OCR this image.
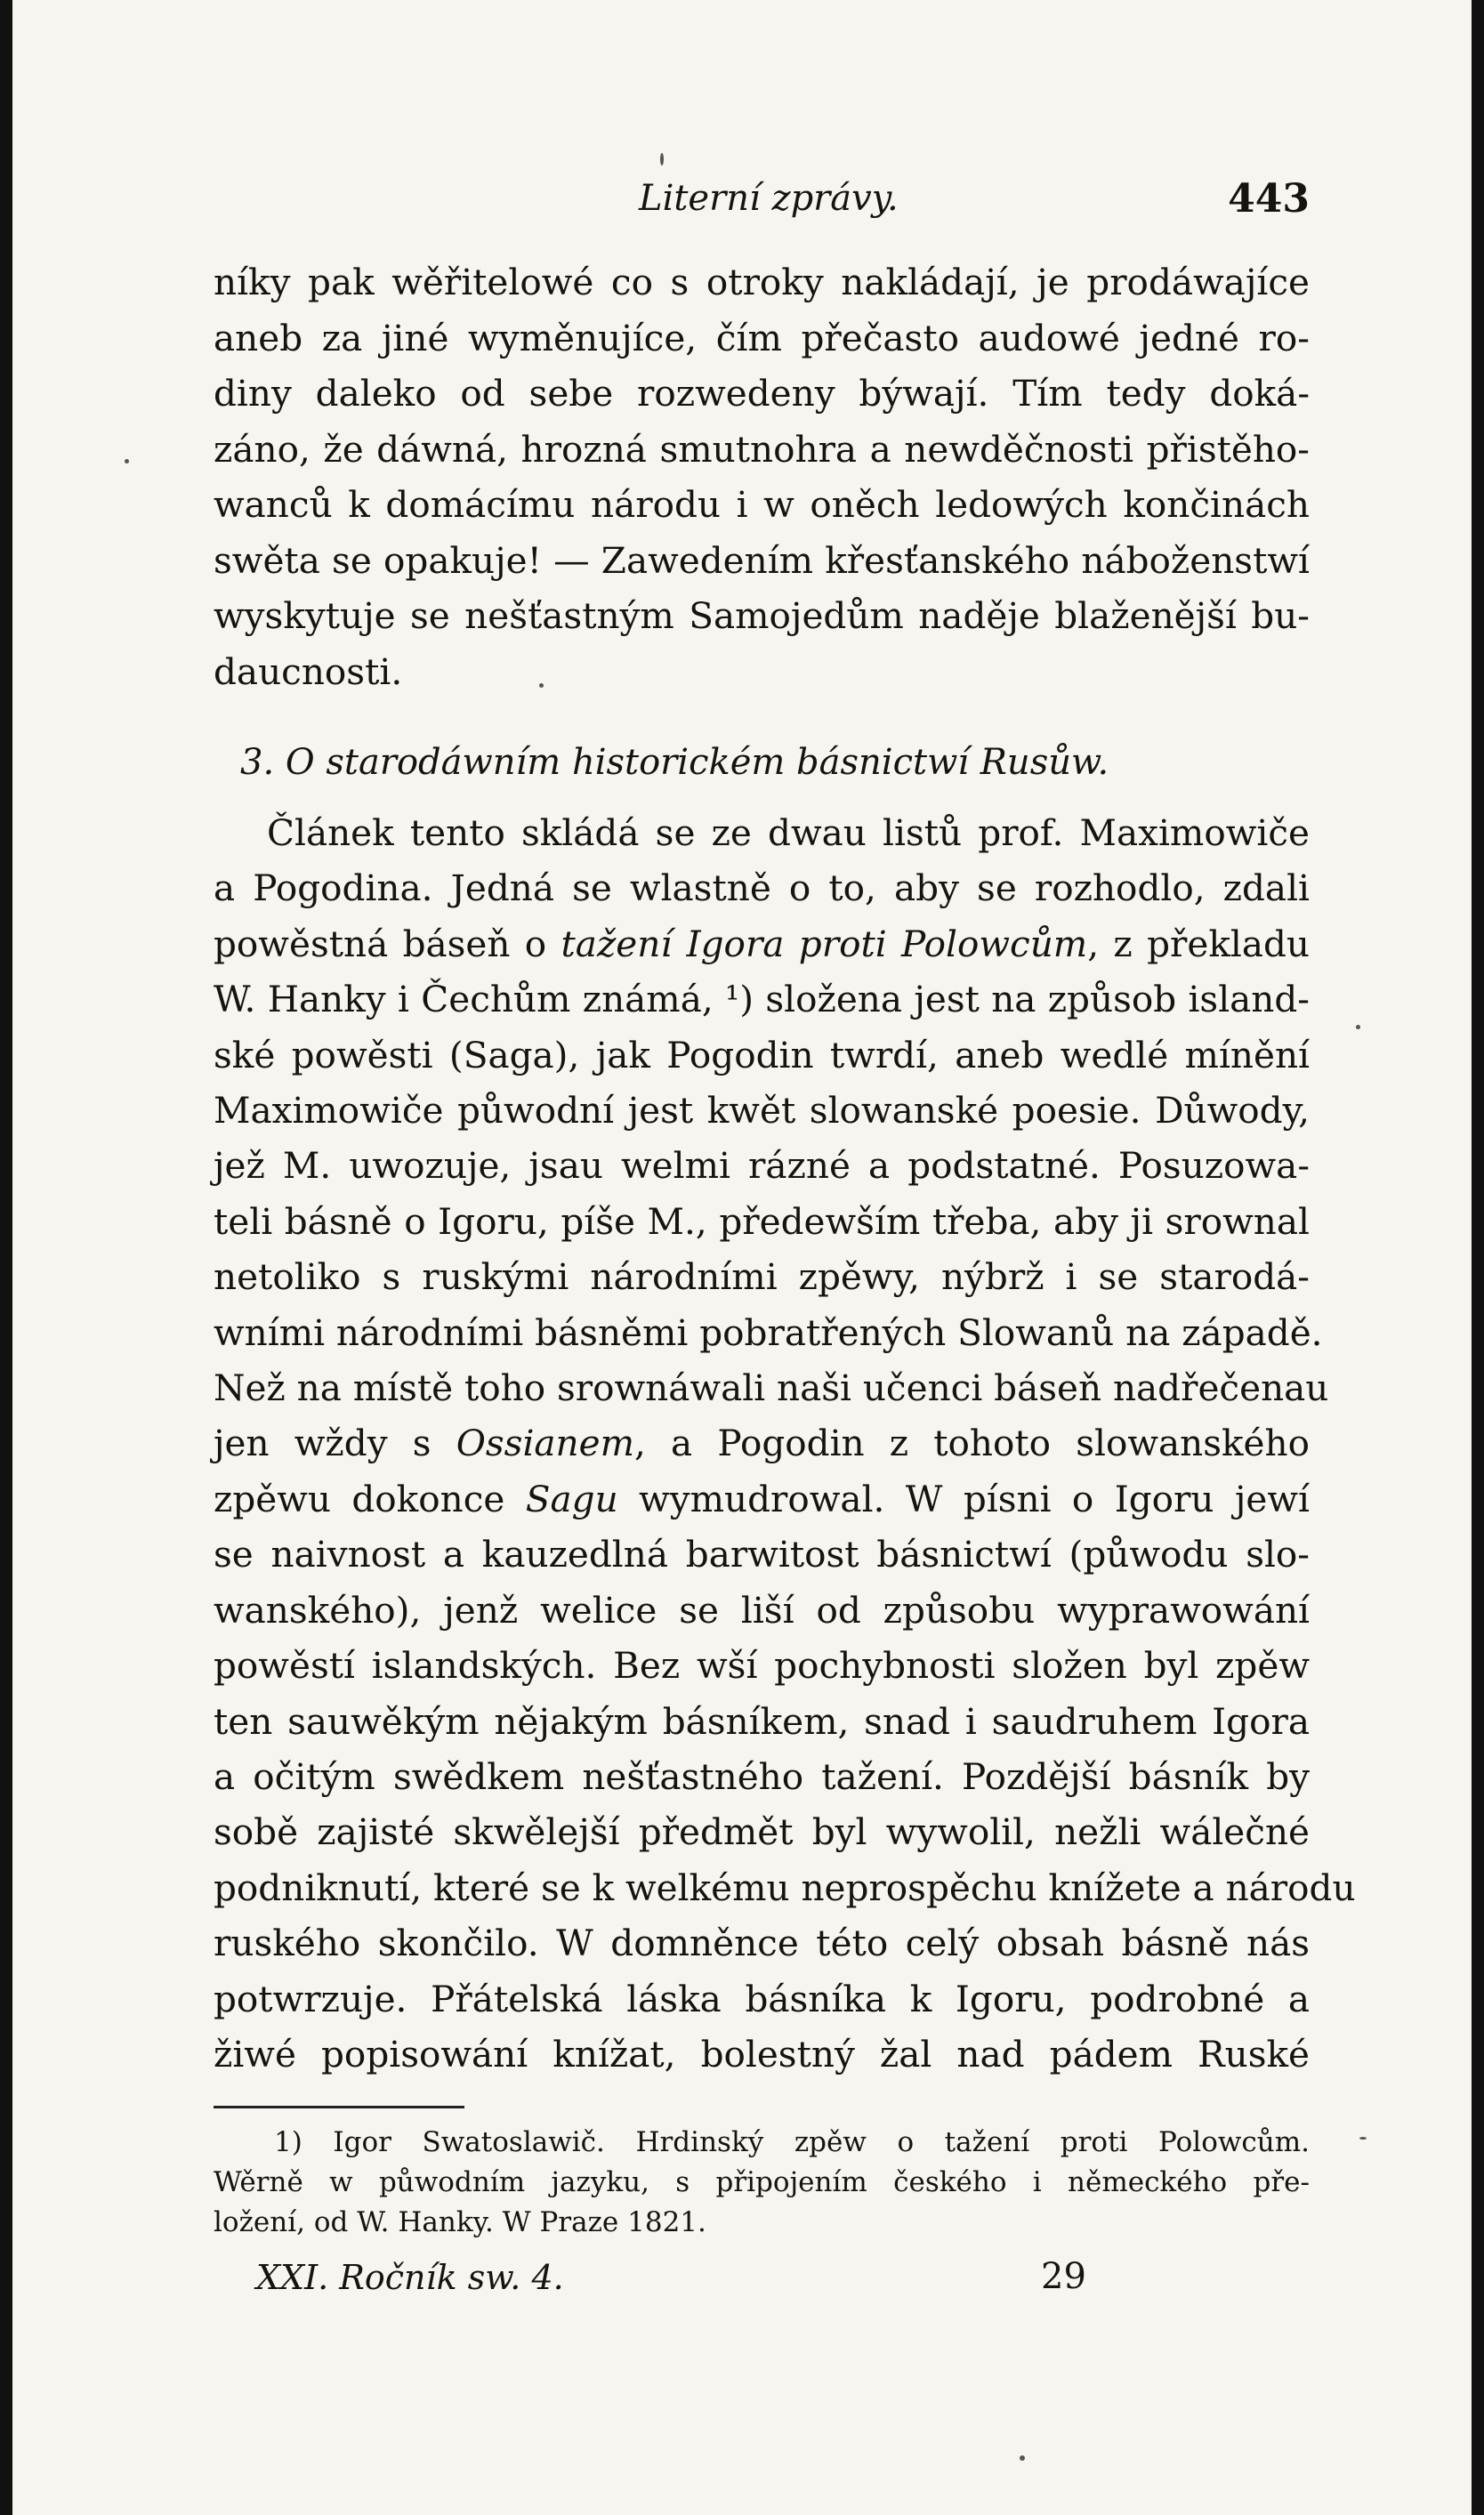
Literní zprávy.	443

níky pak wěřitelowé co s otroky nakládají, je prodáwajíce
aneb za jiné wyměnujíce, čím přečasto audowé jedné ro-
diny daleko od sebe rozwedeny býwají. Tím tedy doká-
záno, že dáwná, hrozná smutnohra a newděčnosti přistěho-
wanců k domácímu národu i w oněch ledowých končinách
swěta se opakuje! — Zawedením křesťanského náboženstwí
wyskytuje se nešťastným Samojedům naděje blaženější bu-
daucnosti.

3. O starodáwním historickém básnictwí Rusůw.

Článek tento skládá se ze dwau listů prof. Maximowiče
a Pogodina. Jedná se wlastně o to, aby se rozhodlo, zdali
powěstná báseň o tažení Igora proti Polowcům, z překladu
W. Hanky i Čechům známá, ¹) složena jest na způsob island-
ské powěsti (Saga), jak Pogodin twrdí, aneb wedlé mínění
Maximowiče půwodní jest kwět slowanské poesie. Důwody,
jež M. uwozuje, jsau welmi rázné a podstatné. Posuzowa-
teli básně o Igoru, píše M., předewším třeba, aby ji srownal
netoliko s ruskými národními zpěwy, nýbrž i se starodá-
wními národními básněmi pobratřených Slowanů na západě.
Než na místě toho srownáwali naši učenci báseň nadřečenau
jen wždy s Ossianem, a Pogodin z tohoto slowanského
zpěwu dokonce Sagu wymudrowal. W písni o Igoru jewí
se naivnost a kauzedlná barwitost básnictwí (půwodu slo-
wanského), jenž welice se liší od způsobu wyprawowání
powěstí islandských. Bez wší pochybnosti složen byl zpěw
ten sauwěkým nějakým básníkem, snad i saudruhem Igora
a očitým swědkem nešťastného tažení. Pozdější básník by
sobě zajisté skwělejší předmět byl wywolil, nežli wálečné
podniknutí, které se k welkému neprospěchu knížete a národu
ruského skončilo. W domněnce této celý obsah básně nás
potwrzuje. Přátelská láska básníka k Igoru, podrobné a
žiwé popisowání knížat, bolestný žal nad pádem Ruské

1) Igor Swatoslawič. Hrdinský zpěw o tažení proti Polowcům.
Wěrně w půwodním jazyku, s připojením českého i německého pře-
ložení, od W. Hanky. W Praze 1821.
XXI. Ročník sw. 4.	29
